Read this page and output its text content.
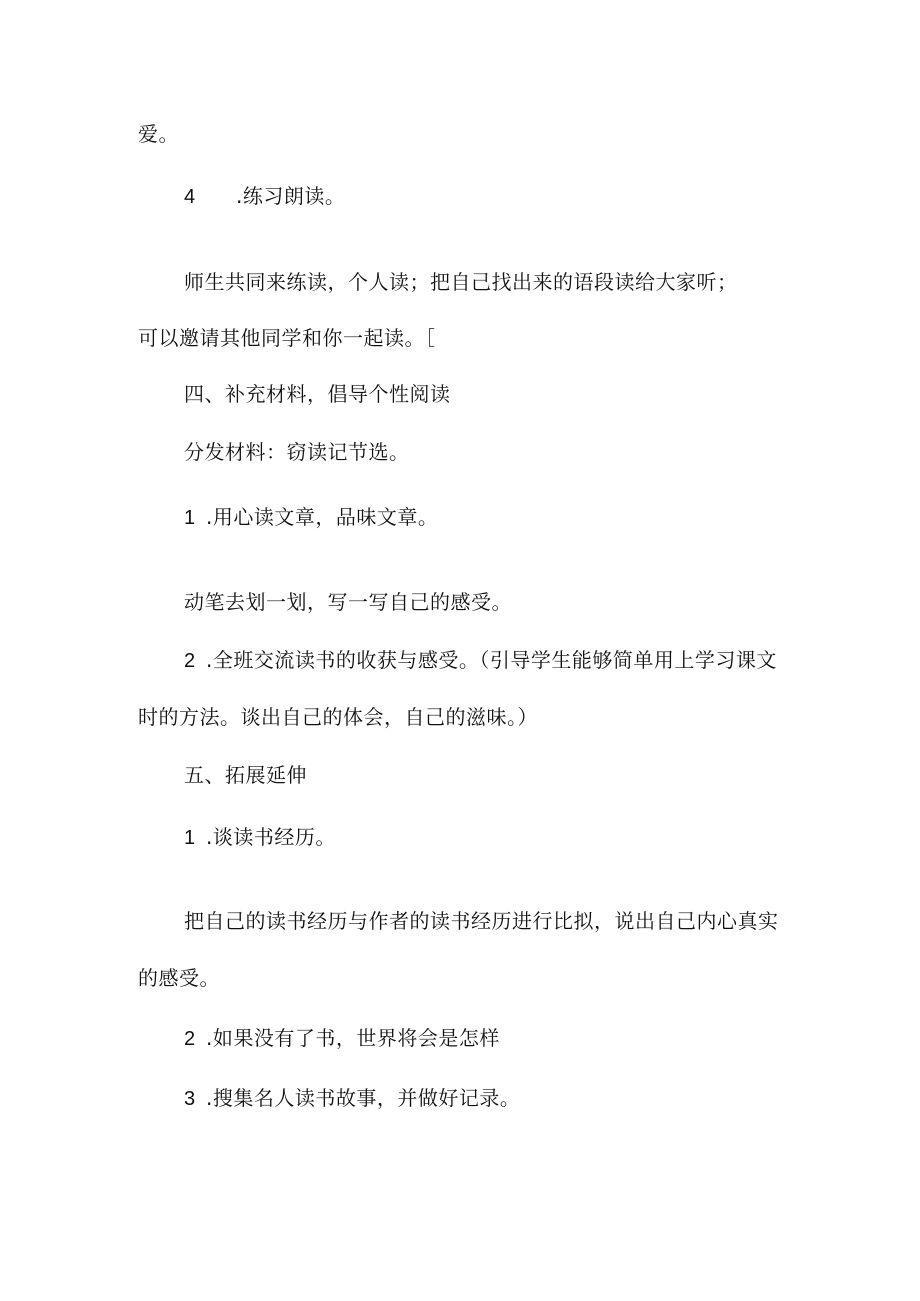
爱。
4 .练习朗读。
师生共同来练读，个人读；把自己找出来的语段读给大家听；
可以邀请其他同学和你一起读。［
四、补充材料，倡导个性阅读
分发材料：窃读记节选。
1 .用心读文章，品味文章。
动笔去划一划，写一写自己的感受。
2 .全班交流读书的收获与感受。（引导学生能够简单用上学习课文
时的方法。谈出自己的体会，自己的滋味。）
五、拓展延伸
1 .谈读书经历。
把自己的读书经历与作者的读书经历进行比拟，说出自己内心真实
的感受。
2 .如果没有了书，世界将会是怎样
3 .搜集名人读书故事，并做好记录。
